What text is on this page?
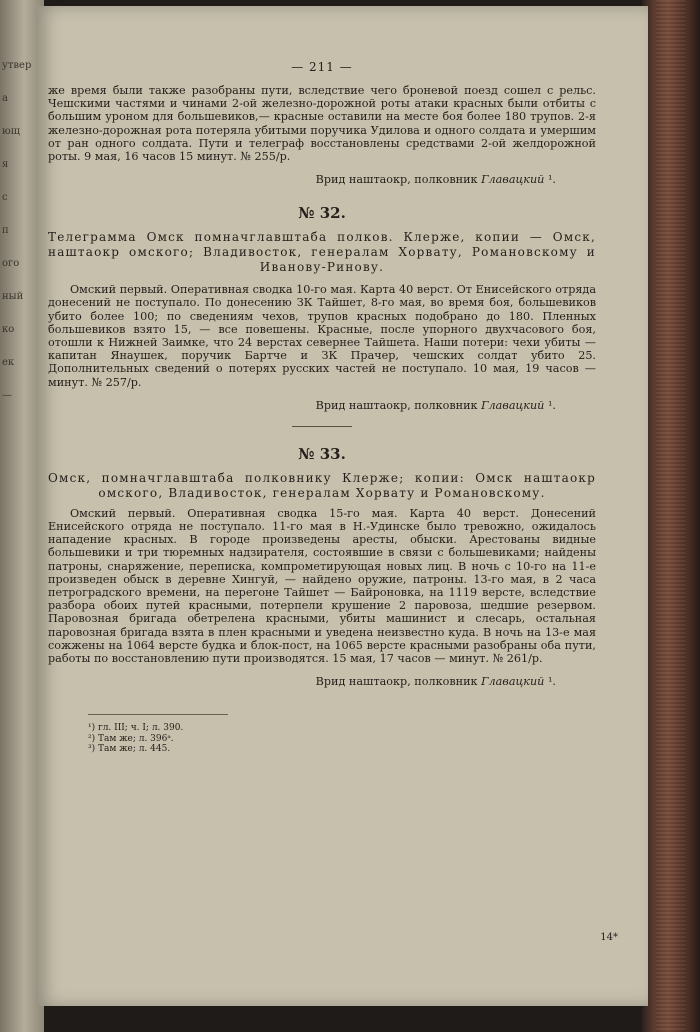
утвер
а
ющ
я
с
п
ого
ный
ко
ек
—
— 211 —

же время были также разобраны пути, вследствие чего броневой поезд сошел с рельс. Чешскими частями и чинами 2-ой железно-дорожной роты атаки красных были отбиты с большим уроном для большевиков,— красные оставили на месте боя более 180 трупов. 2-я железно-дорожная рота потеряла убитыми поручика Удилова и одного солдата и умершим от ран одного солдата. Пути и телеграф восстановлены средствами 2-ой желдорожной роты. 9 мая, 16 часов 15 минут. № 255/р.

Врид наштаокр, полковник Главацкий ¹.
№ 32.
Телеграмма Омск помначглавштаба полков. Клерже, копии — Омск, наштаокр омского; Владивосток, генералам Хорвату, Романовскому и Иванову-Ринову.

Омский первый. Оперативная сводка 10-го мая. Карта 40 верст. От Енисейского отряда донесений не поступало. По донесению ЗК Тайшет, 8-го мая, во время боя, большевиков убито более 100; по сведениям чехов, трупов красных подобрано до 180. Пленных большевиков взято 15, — все повешены. Красные, после упорного двухчасового боя, отошли к Нижней Заимке, что 24 верстах севернее Тайшета. Наши потери: чехи убиты — капитан Янаушек, поручик Бартче и ЗК Прачер, чешских солдат убито 25. Дополнительных сведений о потерях русских частей не поступало. 10 мая, 19 часов — минут. № 257/р.

Врид наштаокр, полковник Главацкий ¹.
№ 33.
Омск, помначглавштаба полковнику Клерже; копии: Омск наштаокр омского, Владивосток, генералам Хорвату и Романовскому.

Омский первый. Оперативная сводка 15-го мая. Карта 40 верст. Донесений Енисейского отряда не поступало. 11-го мая в Н.-Удинске было тревожно, ожидалось нападение красных. В городе произведены аресты, обыски. Арестованы видные большевики и три тюремных надзирателя, состоявшие в связи с большевиками; найдены патроны, снаряжение, переписка, компрометирующая новых лиц. В ночь с 10-го на 11-е произведен обыск в деревне Хингуй, — найдено оружие, патроны. 13-го мая, в 2 часа петроградского времени, на перегоне Тайшет — Байроновка, на 1119 версте, вследствие разбора обоих путей красными, потерпели крушение 2 паровоза, шедшие резервом. Паровозная бригада обетрелена красными, убиты машинист и слесарь, остальная паровозная бригада взята в плен красными и уведена неизвестно куда. В ночь на 13-е мая сожжены на 1064 версте будка и блок-пост, на 1065 версте красными разобраны оба пути, работы по восстановлению пути производятся. 15 мая, 17 часов — минут. № 261/р.

Врид наштаокр, полковник Главацкий ¹.
¹) гл. III; ч. I; л. 390.
²) Там же; л. 396ᵃ.
³) Там же; л. 445.
14*
